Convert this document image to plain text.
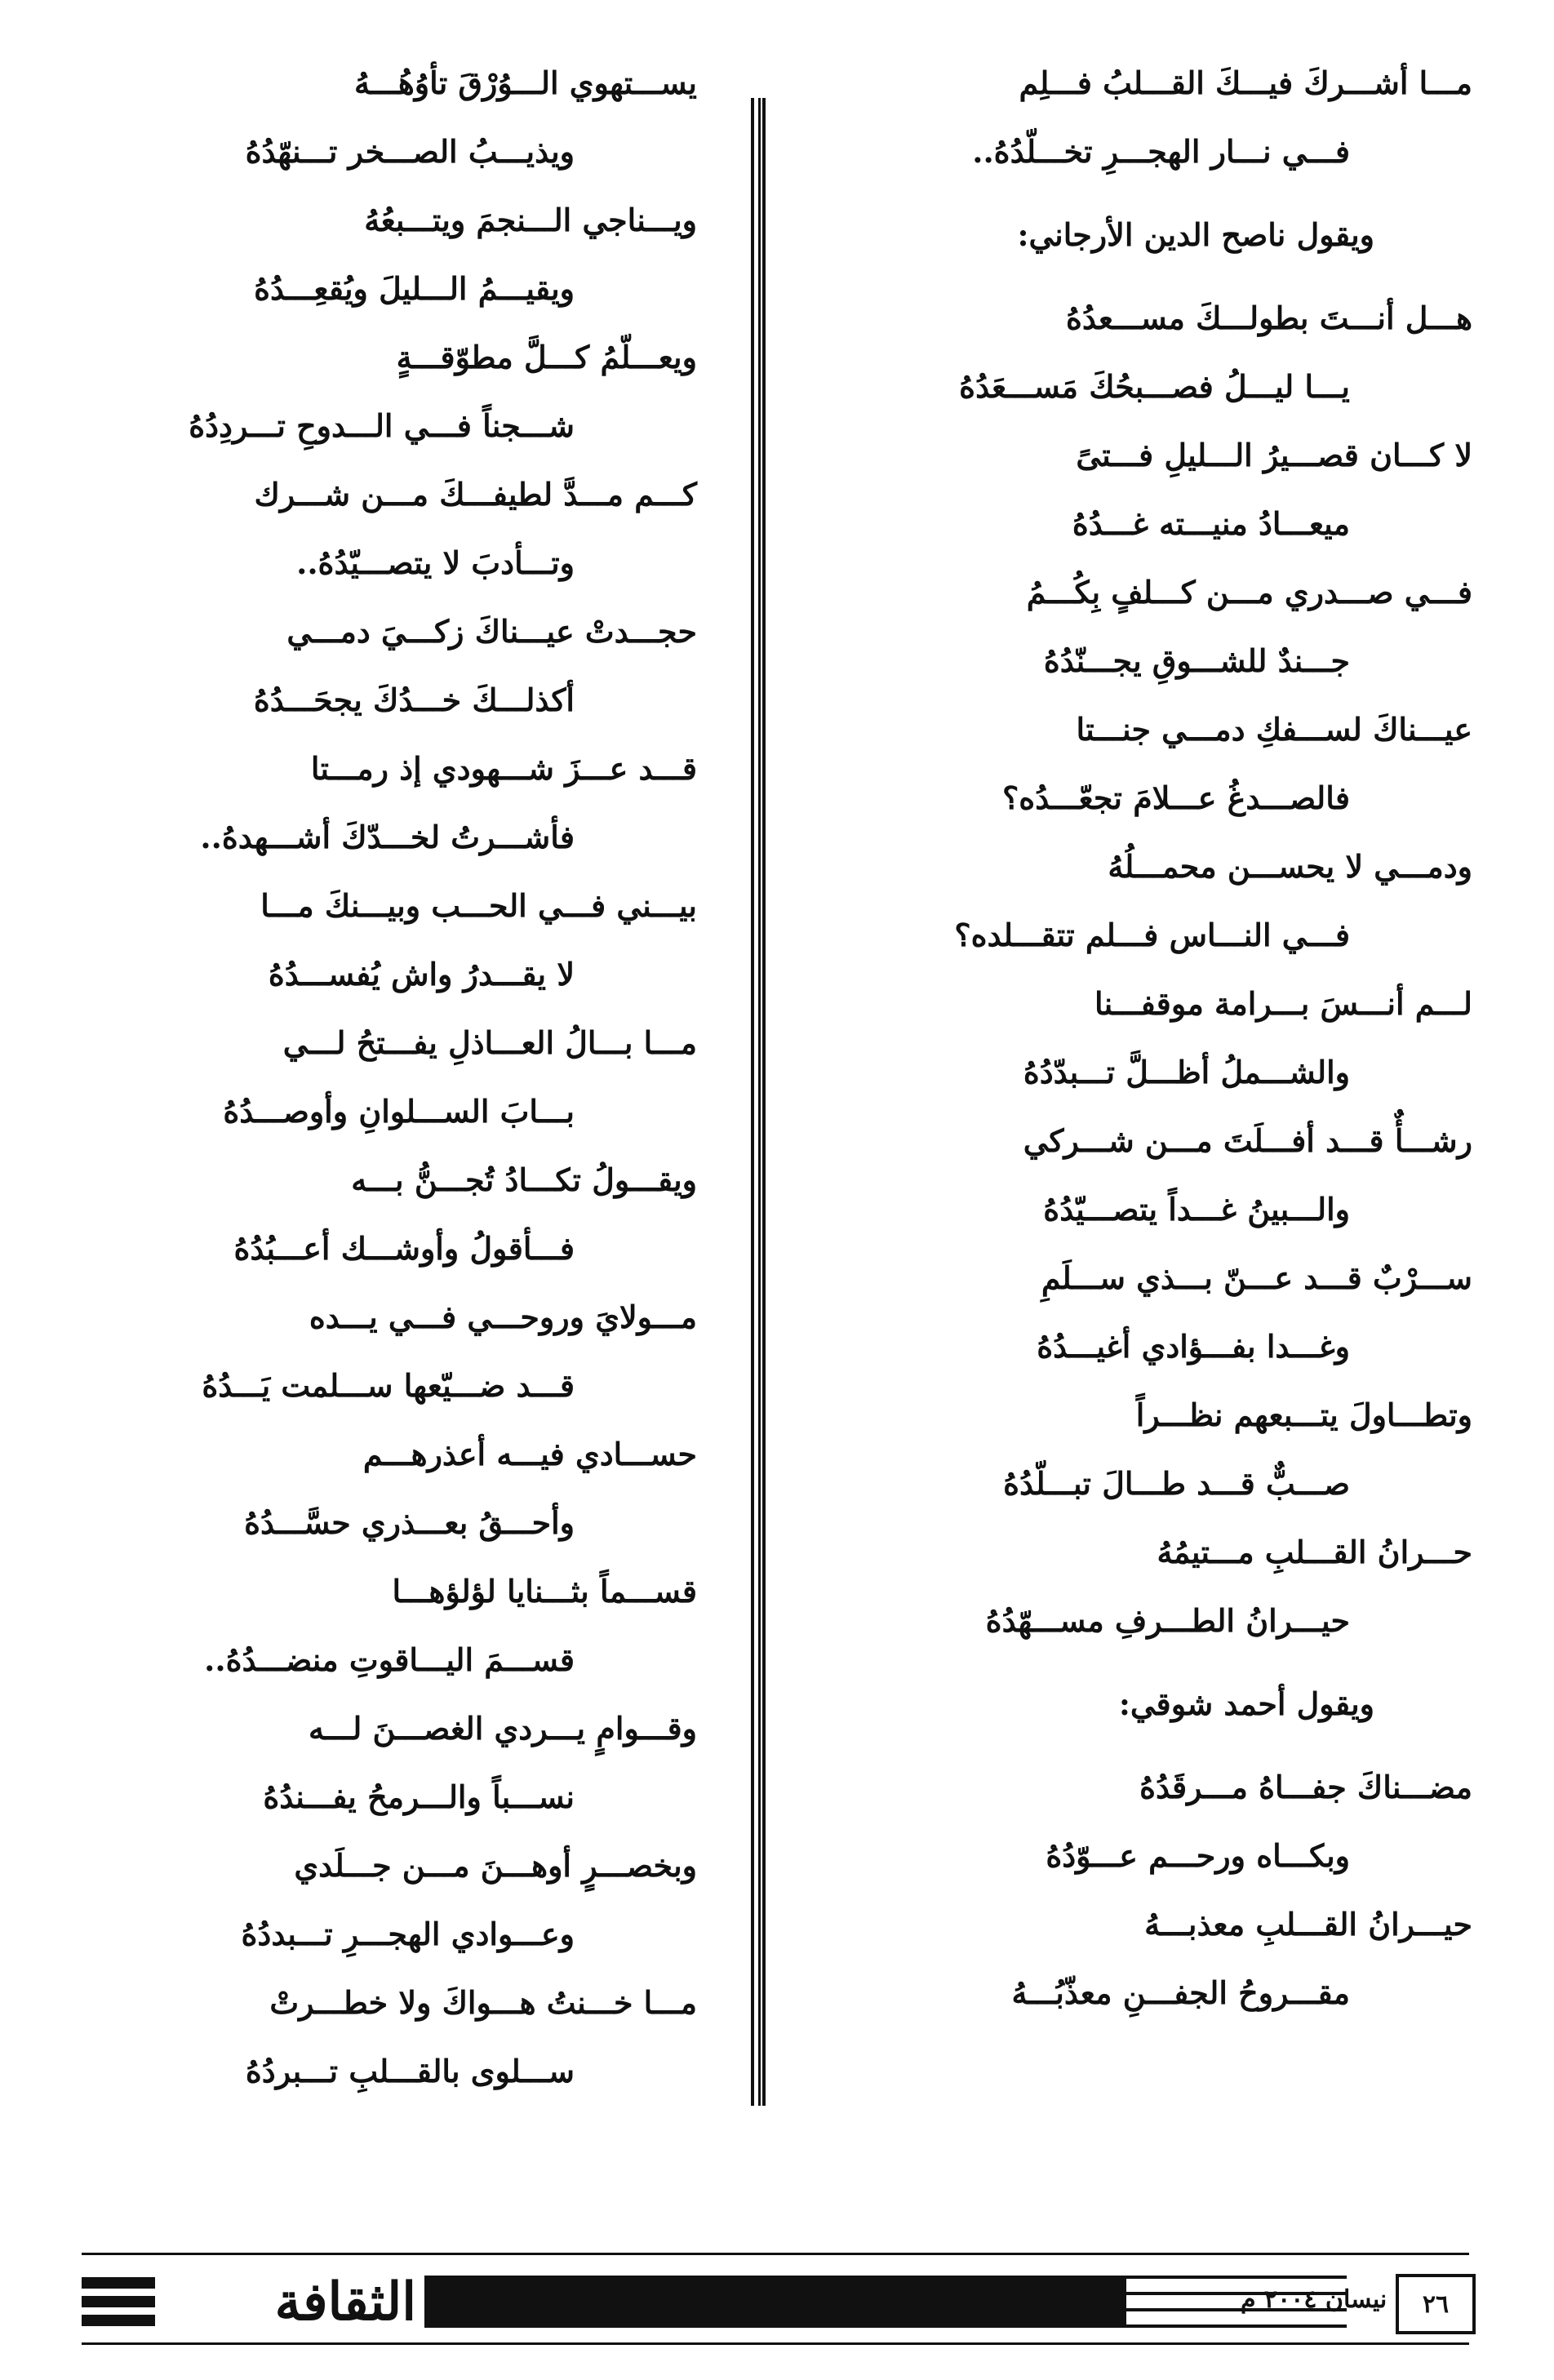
مـــا أشـــركَ فيـــكَ القـــلبُ فـــلِم
فـــي نـــار الهجـــرِ تخـــلّدُهُ..
ويقول ناصح الدين الأرجاني:
هـــل أنـــتَ بطولـــكَ مســـعدُهُ
يـــا ليـــلُ فصـــبحُكَ مَســـعَدُهُ
لا كـــان قصـــيرُ الـــليلِ فـــتىً
ميعـــادُ منيـــته غـــدُهُ
فـــي صـــدري مـــن كـــلفٍ بِكُـــمُ
جـــندٌ للشـــوقِ يجـــنّدُهُ
عيـــناكَ لســـفكِ دمـــي جنـــتا
فالصـــدغُ عـــلامَ تجعّـــدُه؟
ودمـــي لا يحســـن محمـــلُهُ
فـــي النـــاس فـــلم تتقـــلده؟
لـــم أنـــسَ بـــرامة موقفـــنا
والشـــملُ أظـــلَّ تـــبدّدُهُ
رشـــأٌ قـــد أفـــلَتَ مـــن شـــركي
والـــبينُ غـــداً يتصـــيّدُهُ
ســـرْبٌ قـــد عـــنّ بـــذي ســـلَمِ
وغـــدا بفـــؤادي أغيـــدُهُ
وتطـــاولَ يتـــبعهم نظـــراً
صـــبٌّ قـــد طـــالَ تبـــلّدُهُ
حـــرانُ القـــلبِ مـــتيمُهُ
حيـــرانُ الطـــرفِ مســـهّدُهُ
ويقول أحمد شوقي:
مضـــناكَ جفـــاهُ مـــرقَدُهُ
وبكـــاه ورحـــم عـــوّدُهُ
حيـــرانُ القـــلبِ معذبـــهُ
مقـــروحُ الجفـــنِ معذّبُـــهُ
يســـتهوي الـــوُرْقَ تأوُهُـــهُ
ويذيـــبُ الصـــخر تـــنهّدُهُ
ويـــناجي الـــنجمَ ويتـــبعُهُ
ويقيـــمُ الـــليلَ ويُقعِـــدُهُ
ويعـــلّمُ كـــلَّ مطوّقـــةٍ
شـــجناً فـــي الـــدوحِ تـــردِدُهُ
كـــم مـــدَّ لطيفـــكَ مـــن شـــرك
وتـــأدبَ لا يتصـــيّدُهُ..
حجـــدتْ عيـــناكَ زكـــيَ دمـــي
أكذلـــكَ خـــدُكَ يجحَـــدُهُ
قـــد عـــزَ شـــهودي إذ رمـــتا
فأشـــرتُ لخـــدّكَ أشـــهدهُ..
بيـــني فـــي الحـــب وبيـــنكَ مـــا
لا يقـــدرُ واش يُفســـدُهُ
مـــا بـــالُ العـــاذلِ يفـــتحُ لـــي
بـــابَ الســـلوانِ وأوصـــدُهُ
ويقـــولُ تكـــادُ تُجـــنُّ بـــه
فـــأقولُ وأوشـــك أعـــبُدُهُ
مـــولايَ وروحـــي فـــي يـــده
قـــد ضـــيّعها ســـلمت يَـــدُهُ
حســـادي فيـــه أعذرهـــم
وأحـــقُ بعـــذري حسَّـــدُهُ
قســـماً بثـــنايا لؤلؤهـــا
قســـمَ اليـــاقوتِ منضـــدُهُ..
وقـــوامٍ يـــردي الغصـــنَ لـــه
نســـباً والـــرمحُ يفـــندُهُ
وبخصـــرٍ أوهـــنَ مـــن جـــلَدي
وعـــوادي الهجـــرِ تـــبددُهُ
مـــا خـــنتُ هـــواكَ ولا خطـــرتْ
ســـلوى بالقـــلبِ تـــبردُهُ
الثقافة	نيسان ٢٠٠٤ م ٢٦
